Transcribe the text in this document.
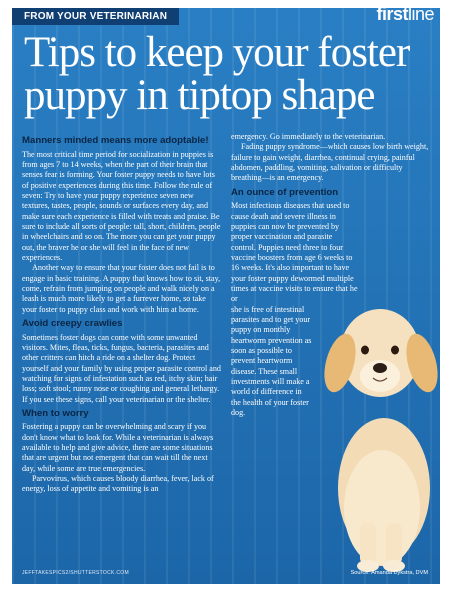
FROM YOUR VETERINARIAN	firstline
Tips to keep your foster puppy in tiptop shape
Manners minded means more adoptable!

The most critical time period for socialization in puppies is from ages 7 to 14 weeks, when the part of their brain that senses fear is forming. Your foster puppy needs to have lots of positive experiences during this time. Follow the rule of seven: Try to have your puppy experience seven new textures, tastes, people, sounds or surfaces every day, and make sure each experience is filled with treats and praise. Be sure to include all sorts of people: tall, short, children, people in wheelchairs and so on. The more you can get your puppy out, the braver he or she will feel in the face of new experiences.

Another way to ensure that your foster does not fail is to engage in basic training. A puppy that knows how to sit, stay, come, refrain from jumping on people and walk nicely on a leash is much more likely to get a furrever home, so take your foster to puppy class and work with him at home.

Avoid creepy crawlies

Sometimes foster dogs can come with some unwanted visitors. Mites, fleas, ticks, fungus, bacteria, parasites and other critters can hitch a ride on a shelter dog. Protect yourself and your family by using proper parasite control and watching for signs of infestation such as red, itchy skin; hair loss; soft stool; runny nose or coughing and general lethargy. If you see these signs, call your veterinarian or the shelter.

When to worry

Fostering a puppy can be overwhelming and scary if you don't know what to look for. While a veterinarian is always available to help and give advice, there are some situations that are urgent but not emergent that can wait till the next day, while some are true emergencies.

Parvovirus, which causes bloody diarrhea, fever, lack of energy, loss of appetite and vomiting is an

emergency. Go immediately to the veterinarian.

Fading puppy syndrome—which causes low birth weight, failure to gain weight, diarrhea, continual crying, painful abdomen, paddling, vomiting, salivation or difficulty breathing—is an emergency.

An ounce of prevention

Most infectious diseases that used to cause death and severe illness in puppies can now be prevented by proper vaccination and parasite control. Puppies need three to four vaccine boosters from age 6 weeks to 16 weeks. It's also important to have your foster puppy dewormed multiple times at vaccine visits to ensure that he or

she is free of intestinal parasites and to get your puppy on monthly heartworm prevention as soon as possible to prevent heartworm disease. These small investments will make a world of difference in the health of your foster dog.

JEFFTAKESPICS2/SHUTTERSTOCK.COM	Source: Amanda Dykstra, DVM
